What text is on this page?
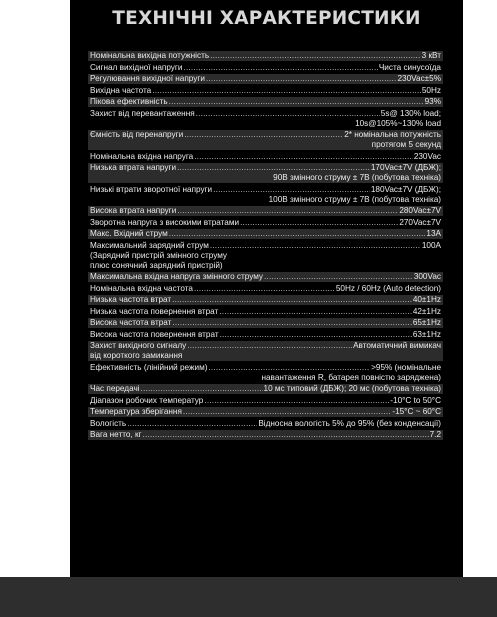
ТЕХНІЧНІ ХАРАКТЕРИСТИКИ
Номінальна вихідна потужність .....	3 кВт
Сигнал вихідної напруги .....	Чиста синусоїда
Регулювання вихідної напруги .....	230Vac±5%
Вихідна частота .....	50Hz
Пікова ефективність .....	93%
Захист від перевантаження .....	5s@ 130% load;
10s@105%~130% load
Ємність від перенапруги .....	2* номінальна потужність
протягом 5 секунд
Номінальна вхідна напруга .....	230Vac
Низька втрата напруги .....	170Vac±7V (ДБЖ);
90В змінного струму ± 7В (побутова техніка)
Низькі втрати зворотної напруги .....	180Vac±7V (ДБЖ);
100В змінного струму ± 7В (побутова техніка)
Висока втрата напруги .....	280Vac±7V
Зворотна напруга з високими втратами .....	270Vac±7V
Макс. Вхідний струм .....	13A
Максимальний зарядний струм .....	100A
(Зарядний пристрій змінного струму
плюс сонячний зарядний пристрій)
Максимальна вхідна напруга змінного струму .....	300Vac
Номінальна вхідна частота .....	50Hz / 60Hz (Auto detection)
Низька частота втрат .....	40±1Hz
Низька частота повернення втрат .....	42±1Hz
Висока частота втрат .....	65±1Hz
Висока частота повернення втрат .....	63±1Hz
Захист вихідного сигналу .....	Автоматичний вимикач
від короткого замикання
Ефективність (лінійний режим) .....	>95% (номінальне
навантаження R, батарея повністю заряджена)
Час передачі .....	10 мс типовий (ДБЖ); 20 мс (побутова техніка)
Діапазон робочих температур .....	-10°C to 50°C
Температура зберігання .....	-15°C ~ 60°C
Вологість .....	Відносна вологість 5% до 95% (без конденсації)
Вага нетто, кг .....	7.2
